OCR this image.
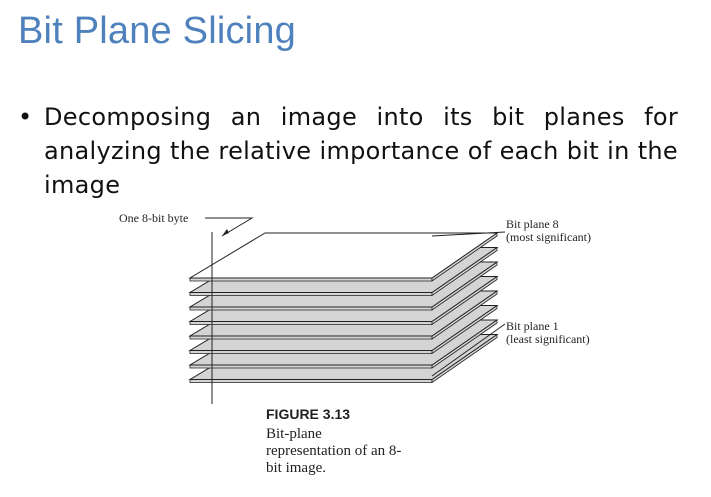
Bit Plane Slicing
• Decomposing an image into its bit planes for analyzing the relative importance of each bit in the image

One 8-bit byte	Bit plane 8
(most significant)
Bit plane 1
(least significant)
FIGURE 3.13
Bit-plane representation of an 8-bit image.
